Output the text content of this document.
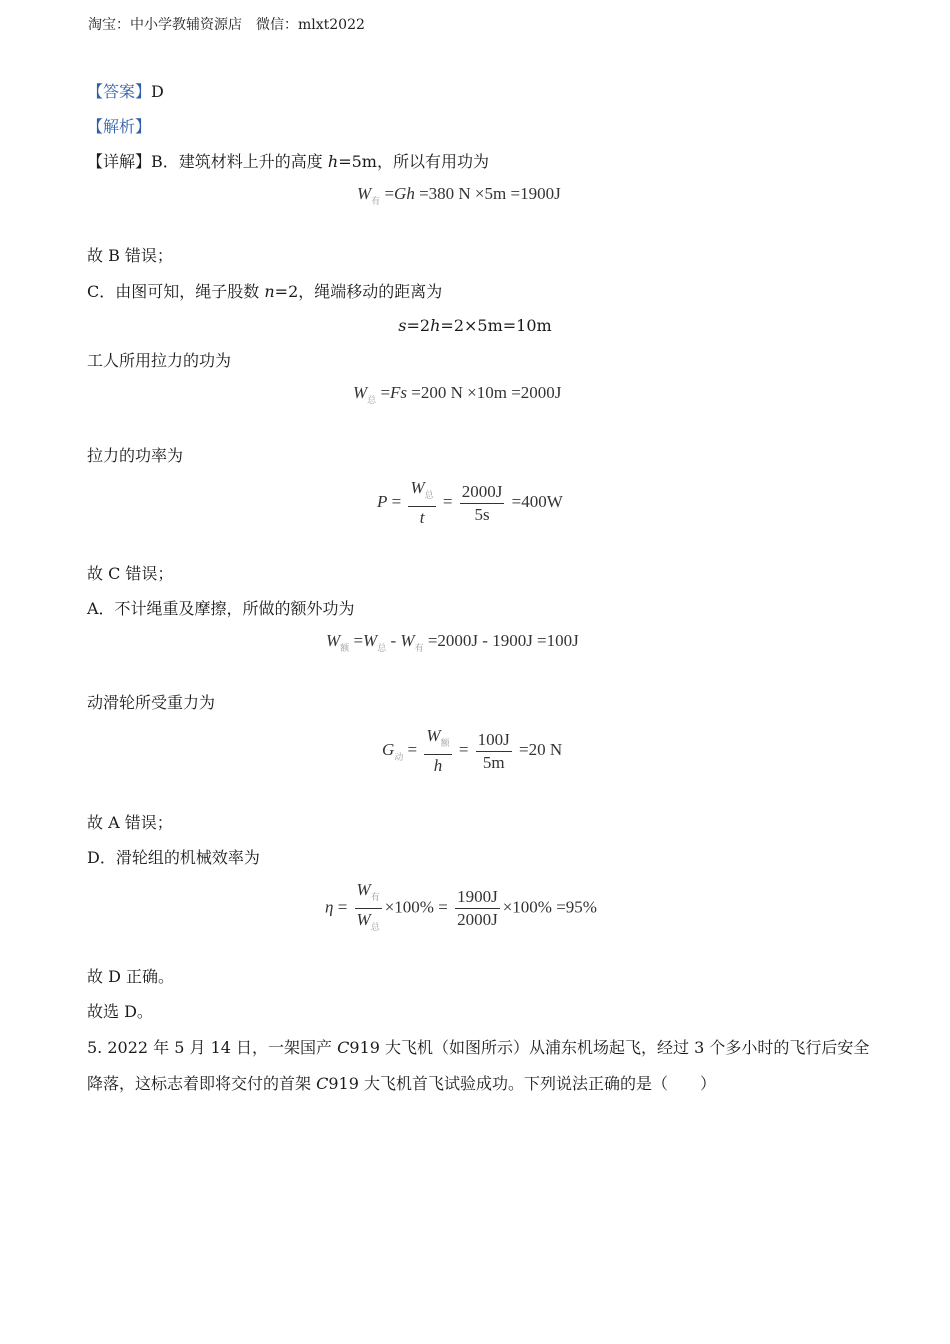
淘宝：中小学教辅资源店　微信：mlxt2022
【答案】D
【解析】
【详解】B．建筑材料上升的高度 h=5m，所以有用功为
$W_有 =Gh =380$ N ×5m =1900J
故 B 错误；
C．由图可知，绳子股数 n=2，绳端移动的距离为
s=2h=2×5m=10m
工人所用拉力的功为
$W_总 =Fs =200$ N ×10m =2000J
拉力的功率为
$P = \frac{W_总}{t} = \frac{2000J}{5s} =400W$
故 C 错误；
A．不计绳重及摩擦，所做的额外功为
$W_额 =W_总 - W_有 =2000J - 1900J =100J$
动滑轮所受重力为
$G_动 = \frac{W_额}{h} = \frac{100J}{5m} =20$ N
故 A 错误；
D．滑轮组的机械效率为
$\eta = \frac{W_有}{W_总} \times 100\% = \frac{1900J}{2000J} \times 100\% =95\%$
故 D 正确。
故选 D。
5. 2022 年 5 月 14 日，一架国产 C919 大飞机（如图所示）从浦东机场起飞，经过 3 个多小时的飞行后安全
降落，这标志着即将交付的首架 C919 大飞机首飞试验成功。下列说法正确的是（　　）
